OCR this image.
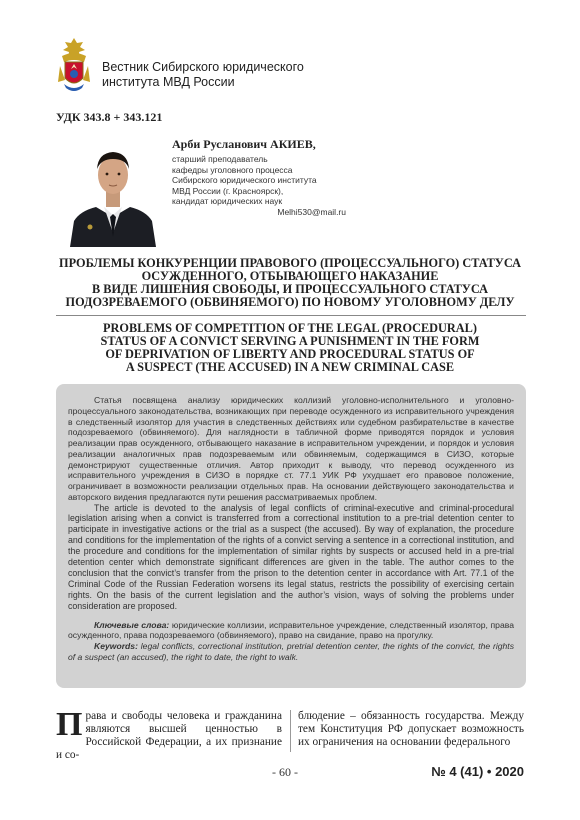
Вестник Сибирского юридического
института МВД России
УДК 343.8 + 343.121
Арби Русланович АКИЕВ,
старший преподаватель
кафедры уголовного процесса
Сибирского юридического института
МВД России (г. Красноярск),
кандидат юридических наук
Melhi530@mail.ru
ПРОБЛЕМЫ КОНКУРЕНЦИИ ПРАВОВОГО (ПРОЦЕССУАЛЬНОГО) СТАТУСА
ОСУЖДЕННОГО, ОТБЫВАЮЩЕГО НАКАЗАНИЕ
В ВИДЕ ЛИШЕНИЯ СВОБОДЫ, И ПРОЦЕССУАЛЬНОГО СТАТУСА
ПОДОЗРЕВАЕМОГО (ОБВИНЯЕМОГО) ПО НОВОМУ УГОЛОВНОМУ ДЕЛУ
PROBLEMS OF COMPETITION OF THE LEGAL (PROCEDURAL)
STATUS OF A CONVICT SERVING A PUNISHMENT IN THE FORM
OF DEPRIVATION OF LIBERTY AND PROCEDURAL STATUS OF
A SUSPECT (THE ACCUSED) IN A NEW CRIMINAL CASE

Статья посвящена анализу юридических коллизий уголовно-исполнительного и уголовно-процессуального законодательства, возникающих при переводе осужденного из исправительного учреждения в следственный изолятор для участия в следственных действиях или судебном разбирательстве в качестве подозреваемого (обвиняемого). Для наглядности в табличной форме приводятся порядок и условия реализации прав осужденного, отбывающего наказание в исправительном учреждении, и порядок и условия реализации аналогичных прав подозреваемым или обвиняемым, содержащимся в СИЗО, которые демонстрируют существенные отличия. Автор приходит к выводу, что перевод осужденного из исправительного учреждения в СИЗО в порядке ст. 77.1 УИК РФ ухудшает его правовое положение, ограничивает в возможности реализации отдельных прав. На основании действующего законодательства и авторского видения предлагаются пути решения рассматриваемых проблем.

The article is devoted to the analysis of legal conflicts of criminal-executive and criminal-procedural legislation arising when a convict is transferred from a correctional institution to a pre-trial detention center to participate in investigative actions or the trial as a suspect (the accused). By way of explanation, the procedure and conditions for the implementation of the rights of a convict serving a sentence in a correctional institution, and the procedure and conditions for the implementation of similar rights by suspects or accused held in a pre-trial detention center which demonstrate significant differences are given in the table. The author comes to the conclusion that the convict’s transfer from the prison to the detention center in accordance with Art. 77.1 of the Criminal Code of the Russian Federation worsens its legal status, restricts the possibility of exercising certain rights. On the basis of the current legislation and the author’s vision, ways of solving the problems under consideration are proposed.

Ключевые слова: юридические коллизии, исправительное учреждение, следственный изолятор, права осужденного, права подозреваемого (обвиняемого), право на свидание, право на прогулку.
Keywords: legal conflicts, correctional institution, pretrial detention center, the rights of the convict, the rights of a suspect (an accused), the right to date, the right to walk.
Права и свободы человека и гражданина являются высшей ценностью в Российской Федерации, а их признание и со-
блюдение – обязанность государства. Между тем Конституция РФ допускает возможность их ограничения на основании федерального
- 60 -	№ 4 (41) • 2020
